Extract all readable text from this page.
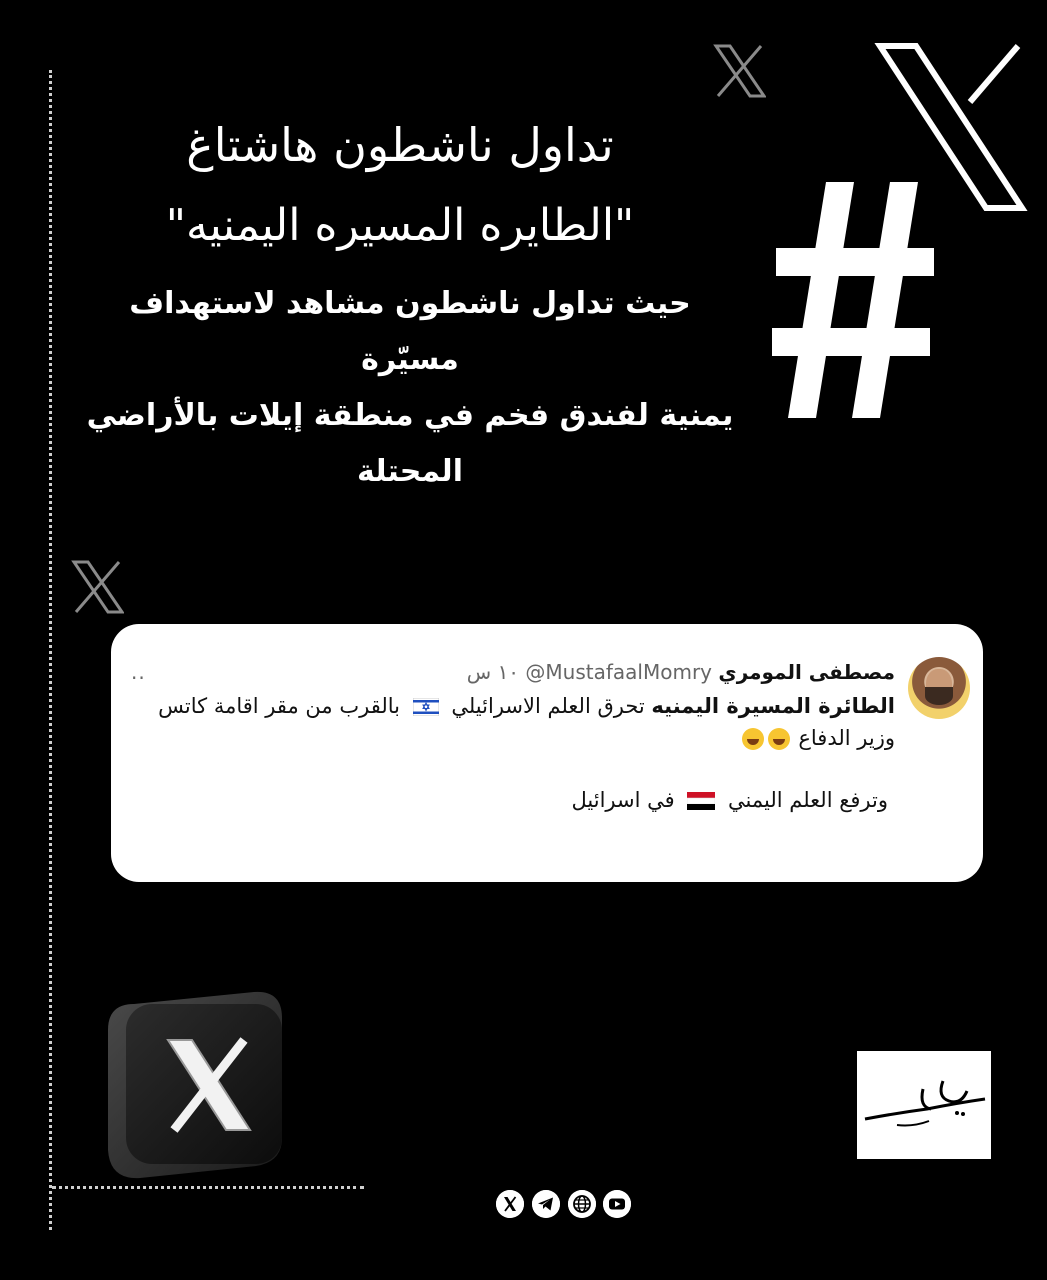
تداول ناشطون هاشتاغ
"الطايره المسيره اليمنيه"

حيث تداول ناشطون مشاهد لاستهداف مسيّرة
يمنية لفندق فخم في منطقة إيلات بالأراضي
المحتلة

مصطفى المومري @MustafaalMomry ١٠ س
..
الطائرة المسيرة اليمنيه تحرق العلم الاسرائيلي  بالقرب من مقر اقامة كاتس
وزير الدفاع
وترفع العلم اليمني  في اسرائيل
